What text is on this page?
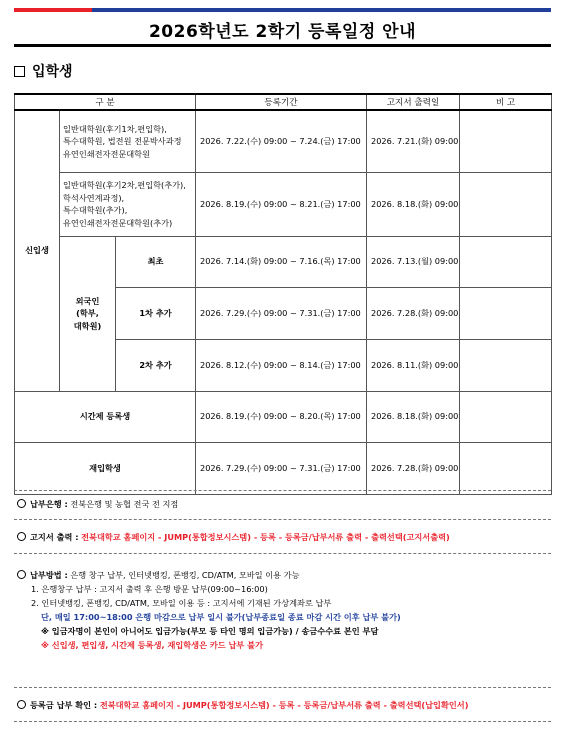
2026학년도 2학기 등록일정 안내
입학생
구 분			등록기간	고지서 출력일	비 고
신입생	일반대학원(후기1차,편입학),
특수대학원, 법전원 전문박사과정
유연인쇄전자전문대학원		2026. 7.22.(수) 09:00 ~ 7.24.(금) 17:00	2026. 7.21.(화) 09:00	

	일반대학원(후기2차,편입학(추가),
학석사연계과정),
특수대학원(추가),
유연인쇄전자전문대학원(추가)		2026. 8.19.(수) 09:00 ~ 8.21.(금) 17:00	2026. 8.18.(화) 09:00	

	외국인
(학부,
대학원)	최초	2026. 7.14.(화) 09:00 ~ 7.16.(목) 17:00	2026. 7.13.(월) 09:00	
		1차 추가	2026. 7.29.(수) 09:00 ~ 7.31.(금) 17:00	2026. 7.28.(화) 09:00	
		2차 추가	2026. 8.12.(수) 09:00 ~ 8.14.(금) 17:00	2026. 8.11.(화) 09:00	
시간제 등록생			2026. 8.19.(수) 09:00 ~ 8.20.(목) 17:00	2026. 8.18.(화) 09:00	
재입학생			2026. 7.29.(수) 09:00 ~ 7.31.(금) 17:00	2026. 7.28.(화) 09:00	
납부은행 : 전북은행 및 농협 전국 전 지점
고지서 출력 : 전북대학교 홈페이지 - JUMP(통합정보시스템) - 등록 - 등록금/납부서류 출력 - 출력선택(고지서출력)
납부방법 : 은행 창구 납부, 인터넷뱅킹, 폰뱅킹, CD/ATM, 모바일 이용 가능
1. 은행창구 납부 : 고지서 출력 후 은행 방문 납부(09:00~16:00)
2. 인터넷뱅킹, 폰뱅킹, CD/ATM, 모바일 이용 등 : 고지서에 기재된 가상계좌로 납부
단, 매일 17:00~18:00 은행 마감으로 납부 일시 불가(납부종료일 종료 마감 시간 이후 납부 불가)
※ 입금자명이 본인이 아니어도 입금가능(부모 등 타인 명의 입금가능) / 송금수수료 본인 부담
※ 신입생, 편입생, 시간제 등록생, 재입학생은 카드 납부 불가
등록금 납부 확인 : 전북대학교 홈페이지 - JUMP(통합정보시스템) - 등록 - 등록금/납부서류 출력 - 출력선택(납입확인서)
